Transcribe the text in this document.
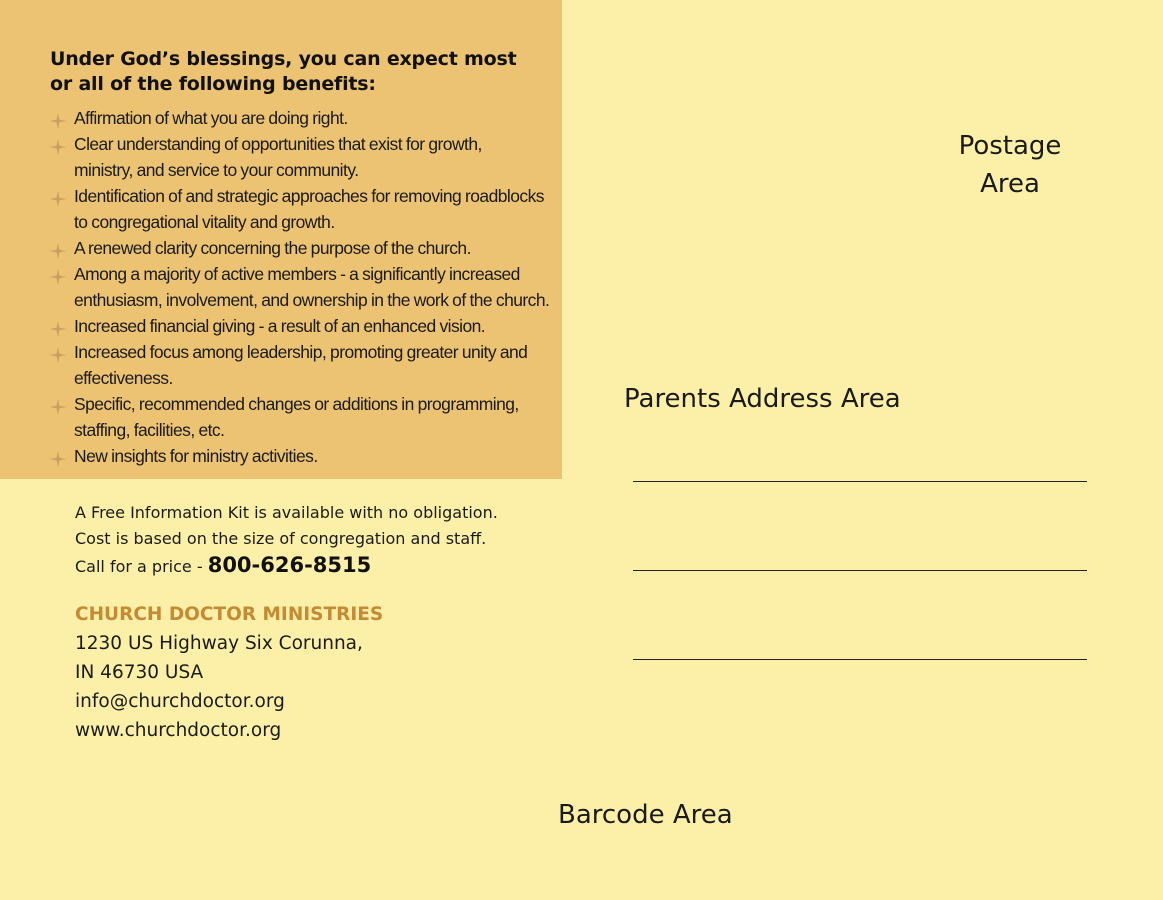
Under God’s blessings, you can expect most
or all of the following benefits:
Affirmation of what you are doing right.
Clear understanding of opportunities that exist for growth,
ministry, and service to your community.
Identification of and strategic approaches for removing roadblocks
to congregational vitality and growth.
A renewed clarity concerning the purpose of the church.
Among a majority of active members - a significantly increased
enthusiasm, involvement, and ownership in the work of the church.
Increased financial giving - a result of an enhanced vision.
Increased focus among leadership, promoting greater unity and
effectiveness.
Specific, recommended changes or additions in programming,
staffing, facilities, etc.
New insights for ministry activities.
A Free Information Kit is available with no obligation.
Cost is based on the size of congregation and staff.
Call for a price - 800-626-8515
CHURCH DOCTOR MINISTRIES
1230 US Highway Six Corunna,
IN 46730 USA
info@churchdoctor.org
www.churchdoctor.org
Postage
Area
Parents Address Area
Barcode Area
